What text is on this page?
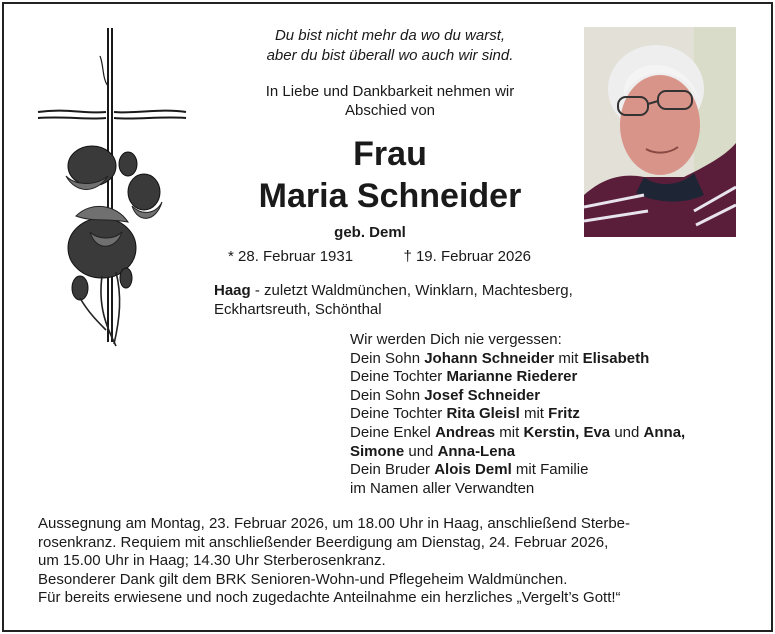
Du bist nicht mehr da wo du warst,
aber du bist überall wo auch wir sind.
In Liebe und Dankbarkeit nehmen wir
Abschied von
Frau
Maria Schneider
geb. Deml
* 28. Februar 1931	† 19. Februar 2026
Haag - zuletzt Waldmünchen, Winklarn, Machtesberg,
Eckhartsreuth, Schönthal
Wir werden Dich nie vergessen:
Dein Sohn Johann Schneider mit Elisabeth
Deine Tochter Marianne Riederer
Dein Sohn Josef Schneider
Deine Tochter Rita Gleisl mit Fritz
Deine Enkel Andreas mit Kerstin, Eva und Anna,
Simone und Anna-Lena
Dein Bruder Alois Deml mit Familie
im Namen aller Verwandten
Aussegnung am Montag, 23. Februar 2026, um 18.00 Uhr in Haag, anschließend Sterbe-
rosenkranz. Requiem mit anschließender Beerdigung am Dienstag, 24. Februar 2026,
um 15.00 Uhr in Haag; 14.30 Uhr Sterberosenkranz.
Besonderer Dank gilt dem BRK Senioren-Wohn-und Pflegeheim Waldmünchen.
Für bereits erwiesene und noch zugedachte Anteilnahme ein herzliches „Vergelt’s Gott!“
